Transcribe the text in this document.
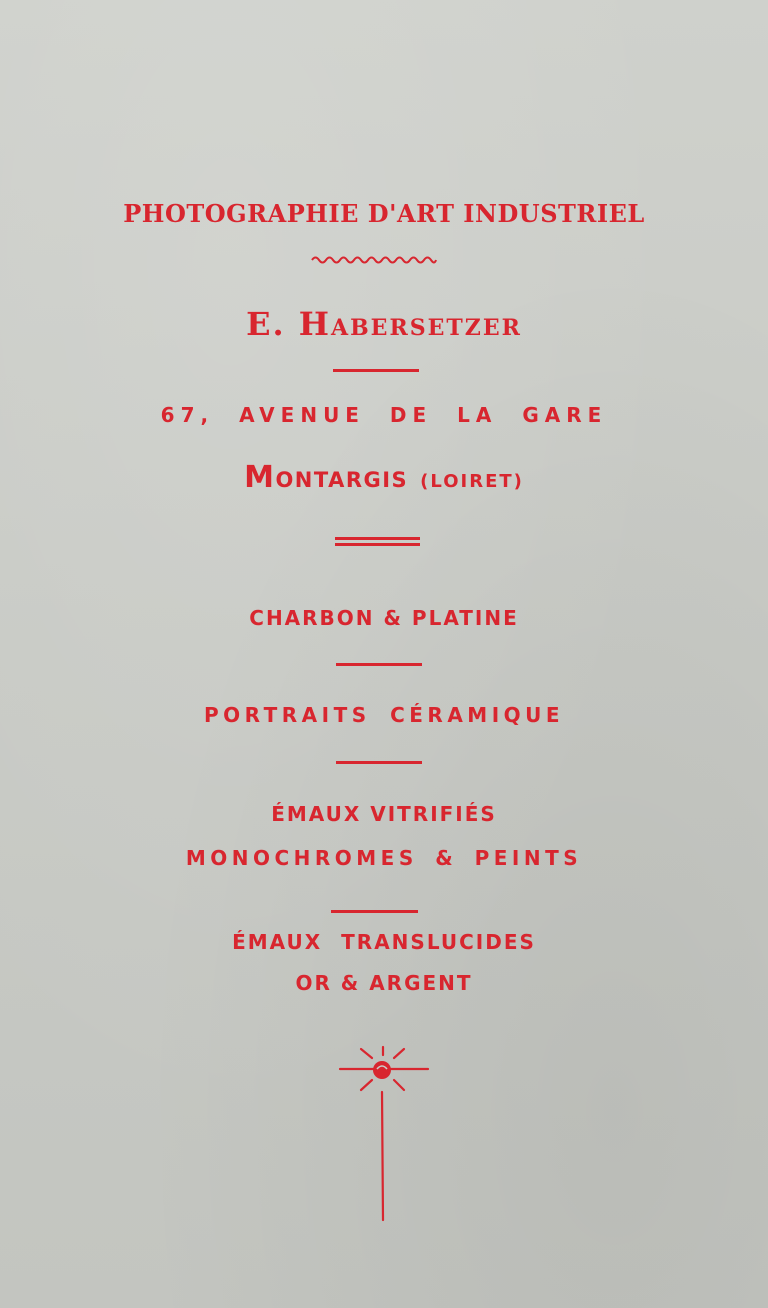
PHOTOGRAPHIE D'ART INDUSTRIEL
E. Habersetzer
67, AVENUE DE LA GARE
Montargis (LOIRET)
CHARBON & PLATINE
PORTRAITS CÉRAMIQUE
ÉMAUX VITRIFIÉS
MONOCHROMES & PEINTS
ÉMAUX TRANSLUCIDES
OR & ARGENT
